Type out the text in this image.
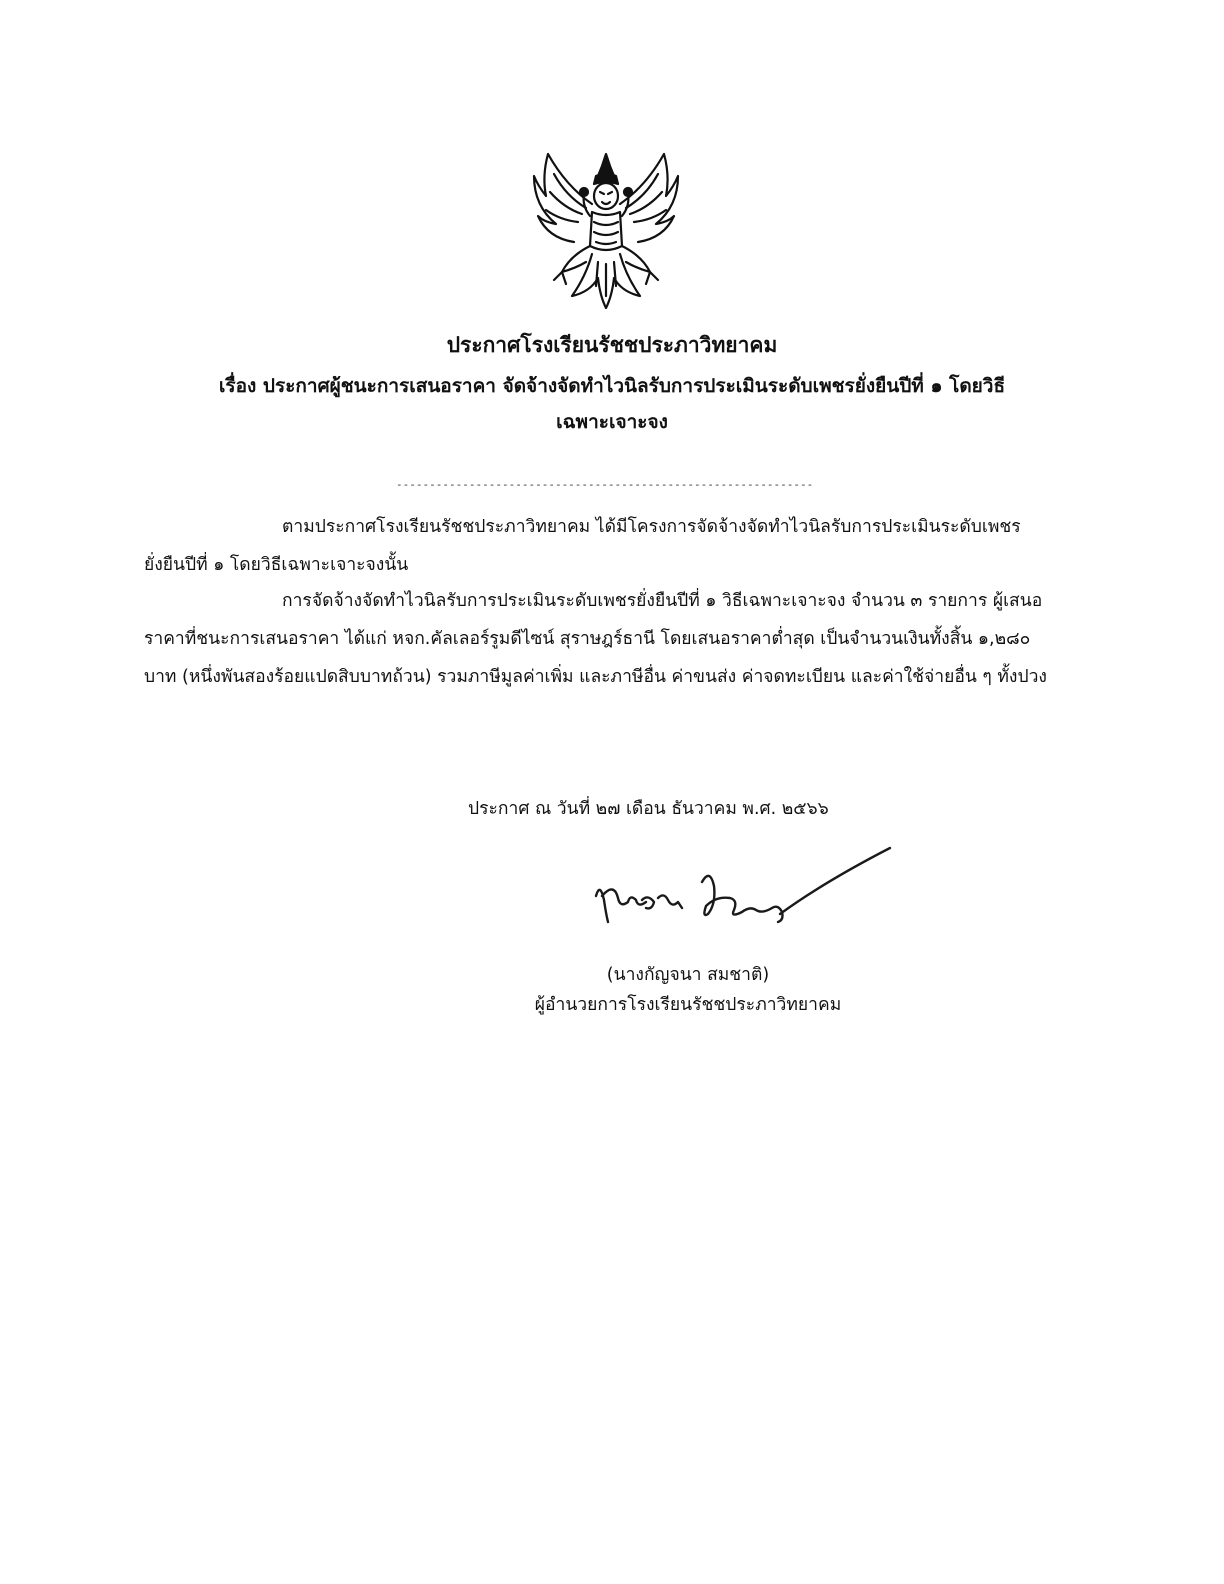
ประกาศโรงเรียนรัชชประภาวิทยาคม

เรื่อง ประกาศผู้ชนะการเสนอราคา จัดจ้างจัดทำไวนิลรับการประเมินระดับเพชรยั่งยืนปีที่ ๑ โดยวิธี
เฉพาะเจาะจง

---------------------------------------------------------------

ตามประกาศโรงเรียนรัชชประภาวิทยาคม ได้มีโครงการจัดจ้างจัดทำไวนิลรับการประเมินระดับเพชรยั่งยืนปีที่ ๑ โดยวิธีเฉพาะเจาะจงนั้น

การจัดจ้างจัดทำไวนิลรับการประเมินระดับเพชรยั่งยืนปีที่ ๑ วิธีเฉพาะเจาะจง จำนวน ๓ รายการ ผู้เสนอราคาที่ชนะการเสนอราคา ได้แก่ หจก.คัลเลอร์รูมดีไซน์ สุราษฎร์ธานี โดยเสนอราคาต่ำสุด เป็นจำนวนเงินทั้งสิ้น ๑,๒๘๐ บาท (หนึ่งพันสองร้อยแปดสิบบาทถ้วน) รวมภาษีมูลค่าเพิ่ม และภาษีอื่น ค่าขนส่ง ค่าจดทะเบียน และค่าใช้จ่ายอื่น ๆ ทั้งปวง

ประกาศ ณ วันที่ ๒๗ เดือน ธันวาคม พ.ศ. ๒๕๖๖
(นางกัญจนา สมชาติ)
ผู้อำนวยการโรงเรียนรัชชประภาวิทยาคม
